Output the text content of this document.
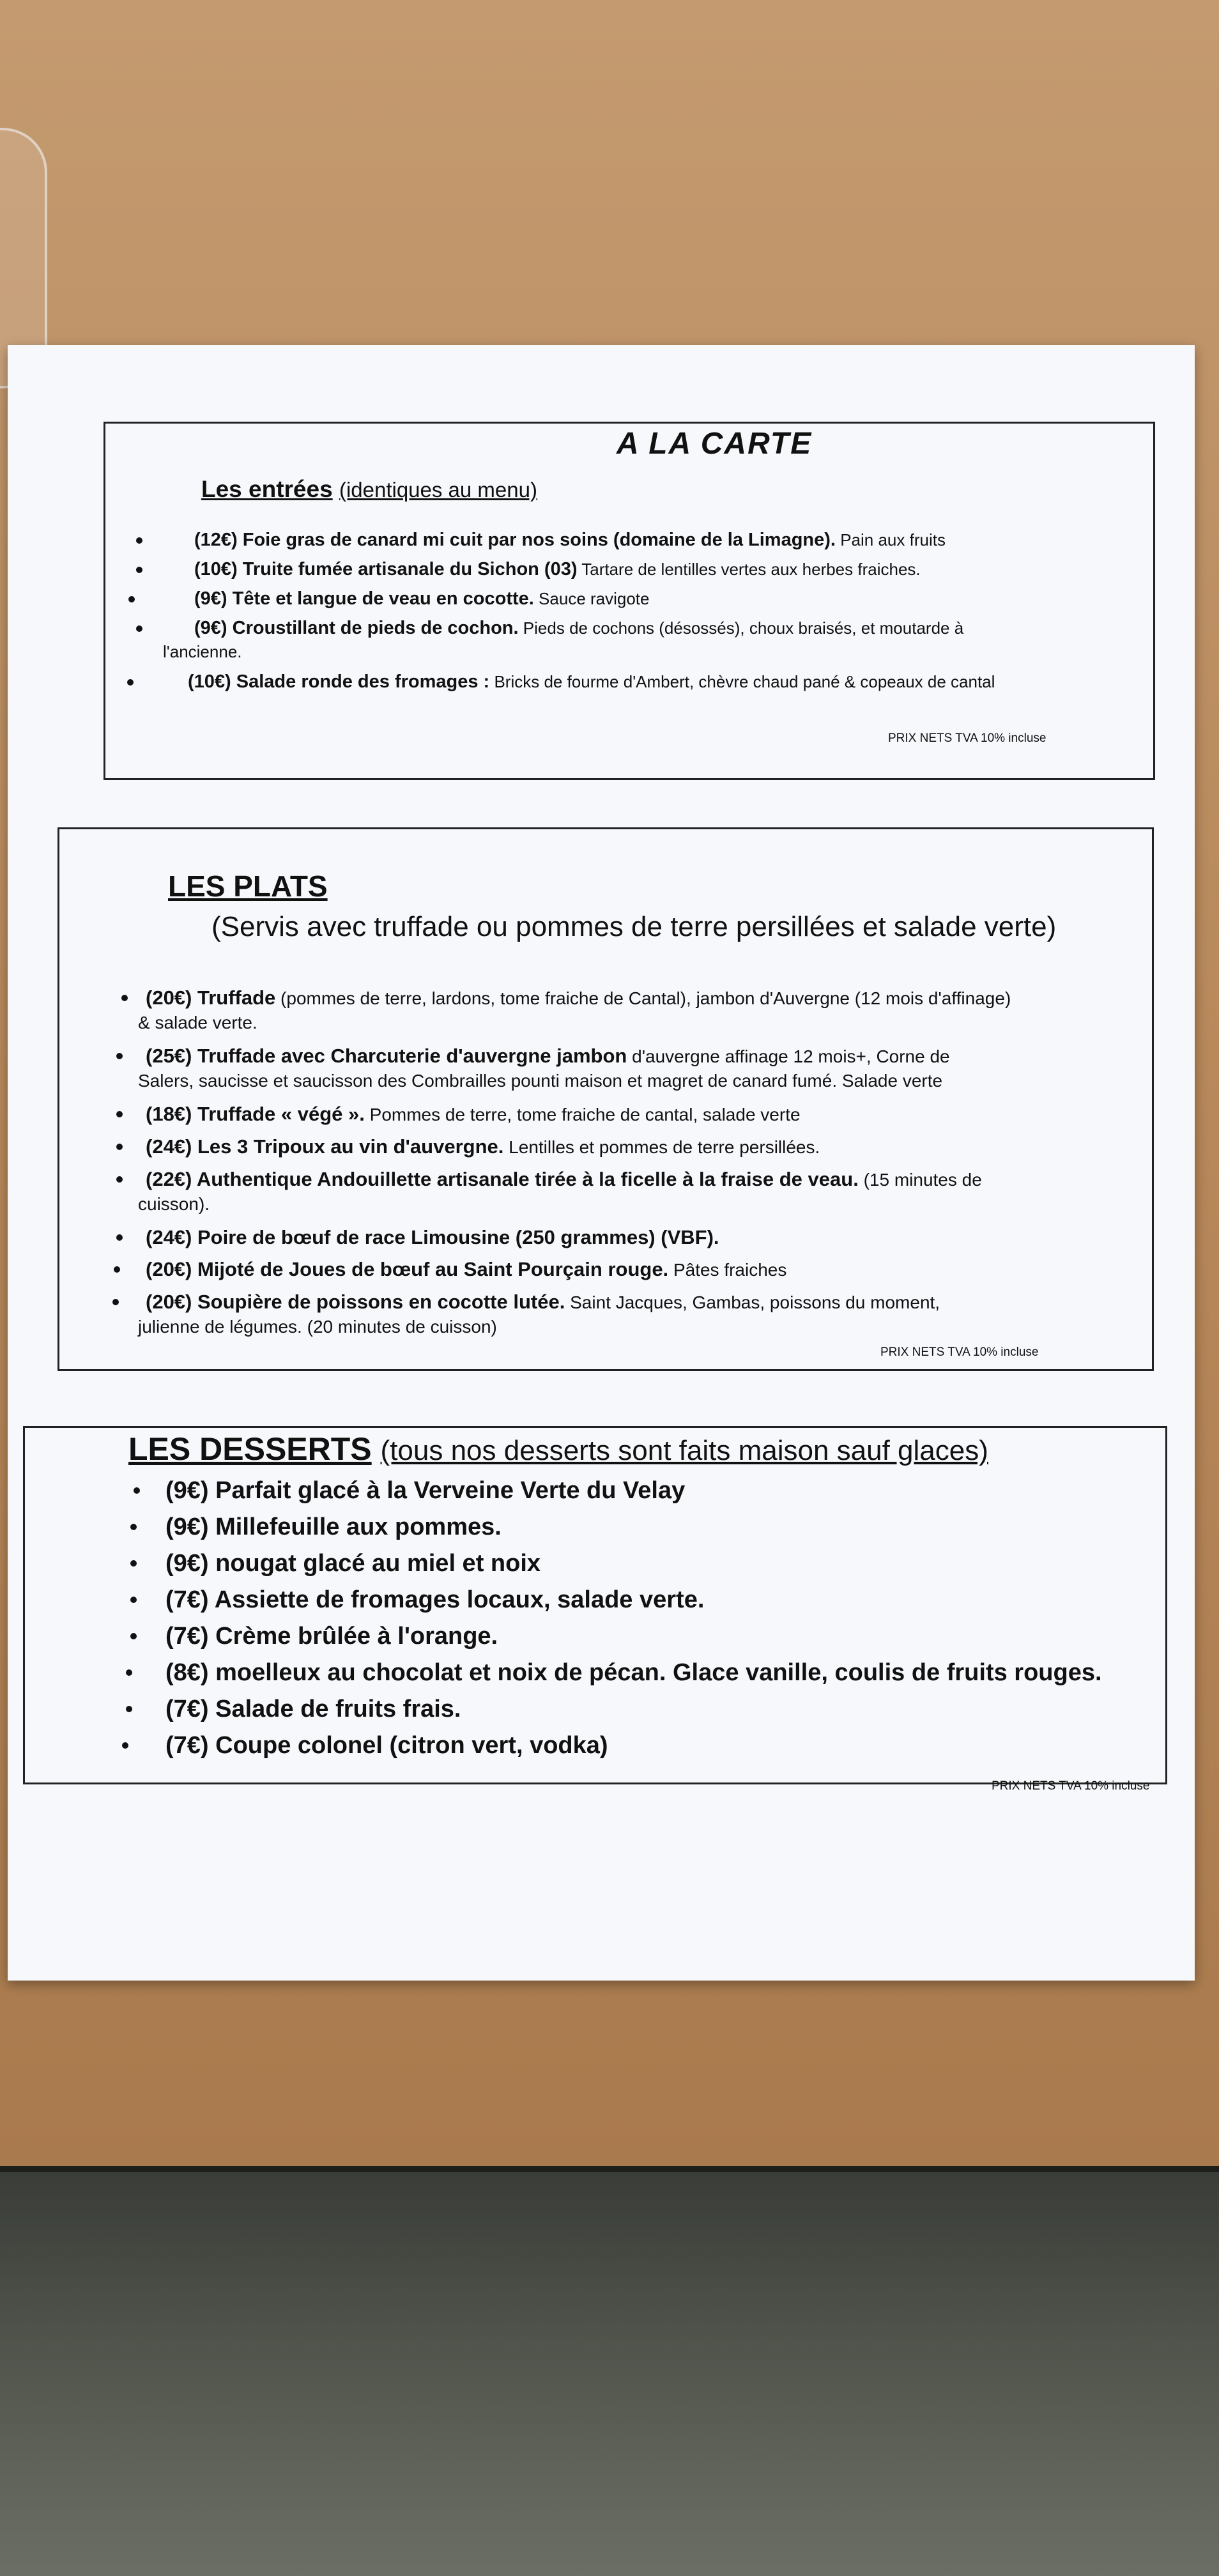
A LA CARTE
Les entrées (identiques au menu)
(12€) Foie gras de canard mi cuit par nos soins (domaine de la Limagne). Pain aux fruits
(10€) Truite fumée artisanale du Sichon (03) Tartare de lentilles vertes aux herbes fraiches.
(9€) Tête et langue de veau en cocotte. Sauce ravigote
(9€) Croustillant de pieds de cochon. Pieds de cochons (désossés), choux braisés, et moutarde à
l'ancienne.
(10€) Salade ronde des fromages : Bricks de fourme d'Ambert, chèvre chaud pané & copeaux de cantal
PRIX NETS TVA 10% incluse
LES PLATS
(Servis avec truffade ou pommes de terre persillées et salade verte)
(20€) Truffade (pommes de terre, lardons, tome fraiche de Cantal), jambon d'Auvergne (12 mois d'affinage)
& salade verte.
(25€) Truffade avec Charcuterie d'auvergne jambon d'auvergne affinage 12 mois+, Corne de
Salers, saucisse et saucisson des Combrailles pounti maison et magret de canard fumé. Salade verte
(18€) Truffade « végé ». Pommes de terre, tome fraiche de cantal, salade verte
(24€) Les 3 Tripoux au vin d'auvergne. Lentilles et pommes de terre persillées.
(22€) Authentique Andouillette artisanale tirée à la ficelle à la fraise de veau. (15 minutes de
cuisson).
(24€) Poire de bœuf de race Limousine (250 grammes) (VBF).
(20€) Mijoté de Joues de bœuf au Saint Pourçain rouge. Pâtes fraiches
(20€) Soupière de poissons en cocotte lutée. Saint Jacques, Gambas, poissons du moment,
julienne de légumes. (20 minutes de cuisson)
PRIX NETS TVA 10% incluse
LES DESSERTS (tous nos desserts sont faits maison sauf glaces)
(9€) Parfait glacé à la Verveine Verte du Velay
(9€) Millefeuille aux pommes.
(9€) nougat glacé au miel et noix
(7€) Assiette de fromages locaux, salade verte.
(7€) Crème brûlée à l'orange.
(8€) moelleux au chocolat et noix de pécan. Glace vanille, coulis de fruits rouges.
(7€) Salade de fruits frais.
(7€) Coupe colonel (citron vert, vodka)
PRIX NETS TVA 10% incluse
